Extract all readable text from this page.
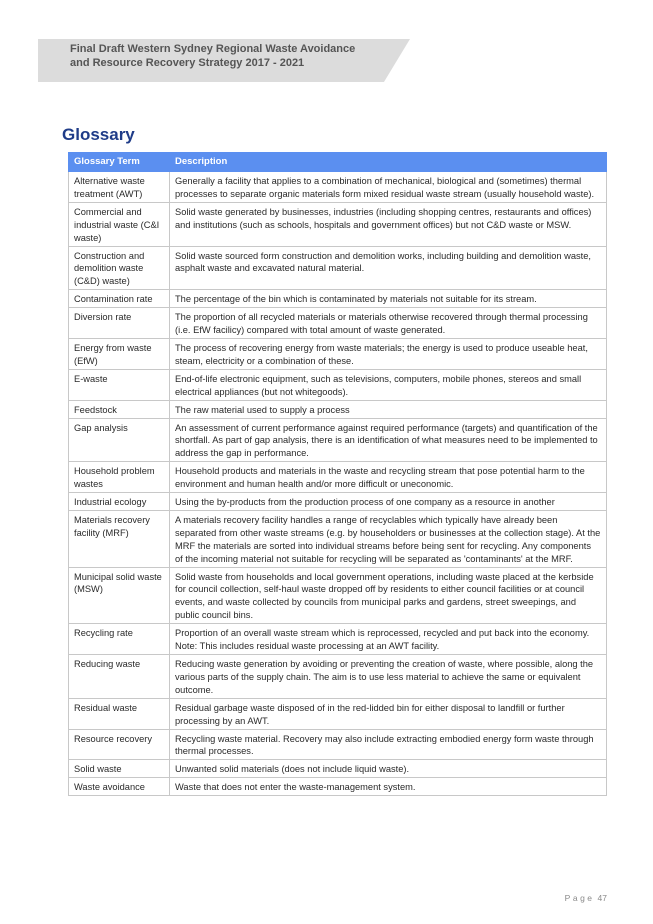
Final Draft Western Sydney Regional Waste Avoidance
and Resource Recovery Strategy 2017 - 2021
Glossary
Glossary Term	Description
Alternative waste treatment (AWT)	Generally a facility that applies to a combination of mechanical, biological and (sometimes) thermal processes to separate organic materials form mixed residual waste stream (usually household waste).
Commercial and industrial waste (C&I waste)	Solid waste generated by businesses, industries (including shopping centres, restaurants and offices) and institutions (such as schools, hospitals and government offices) but not C&D waste or MSW.
Construction and demolition waste (C&D) waste)	Solid waste sourced form construction and demolition works, including building and demolition waste, asphalt waste and excavated natural material.
Contamination rate	The percentage of the bin which is contaminated by materials not suitable for its stream.
Diversion rate	The proportion of all recycled materials or materials otherwise recovered through thermal processing (i.e. EfW facilicy) compared with total amount of waste generated.
Energy from waste (EfW)	The process of recovering energy from waste materials; the energy is used to produce useable heat, steam, electricity or a combination of these.
E-waste	End-of-life electronic equipment, such as televisions, computers, mobile phones, stereos and small electrical appliances (but not whitegoods).
Feedstock	The raw material used to supply a process
Gap analysis	An assessment of current performance against required performance (targets) and quantification of the shortfall. As part of gap analysis, there is an identification of what measures need to be implemented to address the gap in performance.
Household problem wastes	Household products and materials in the waste and recycling stream that pose potential harm to the environment and human health and/or more difficult or uneconomic.
Industrial ecology	Using the by-products from the production process of one company as a resource in another
Materials recovery facility (MRF)	A materials recovery facility handles a range of recyclables which typically have already been separated from other waste streams (e.g. by householders or businesses at the collection stage). At the MRF the materials are sorted into individual streams before being sent for recycling. Any components of the incoming material not suitable for recycling will be separated as 'contaminants' at the MRF.
Municipal solid waste (MSW)	Solid waste from households and local government operations, including waste placed at the kerbside for council collection, self-haul waste dropped off by residents to either council facilities or at council events, and waste collected by councils from municipal parks and gardens, street sweepings, and public council bins.
Recycling rate	Proportion of an overall waste stream which is reprocessed, recycled and put back into the economy. Note: This includes residual waste processing at an AWT facility.
Reducing waste	Reducing waste generation by avoiding or preventing the creation of waste, where possible, along the various parts of the supply chain. The aim is to use less material to achieve the same or equivalent outcome.
Residual waste	Residual garbage waste disposed of in the red-lidded bin for either disposal to landfill or further processing by an AWT.
Resource recovery	Recycling waste material. Recovery may also include extracting embodied energy form waste through thermal processes.
Solid waste	Unwanted solid materials (does not include liquid waste).
Waste avoidance	Waste that does not enter the waste-management system.
Page 47
